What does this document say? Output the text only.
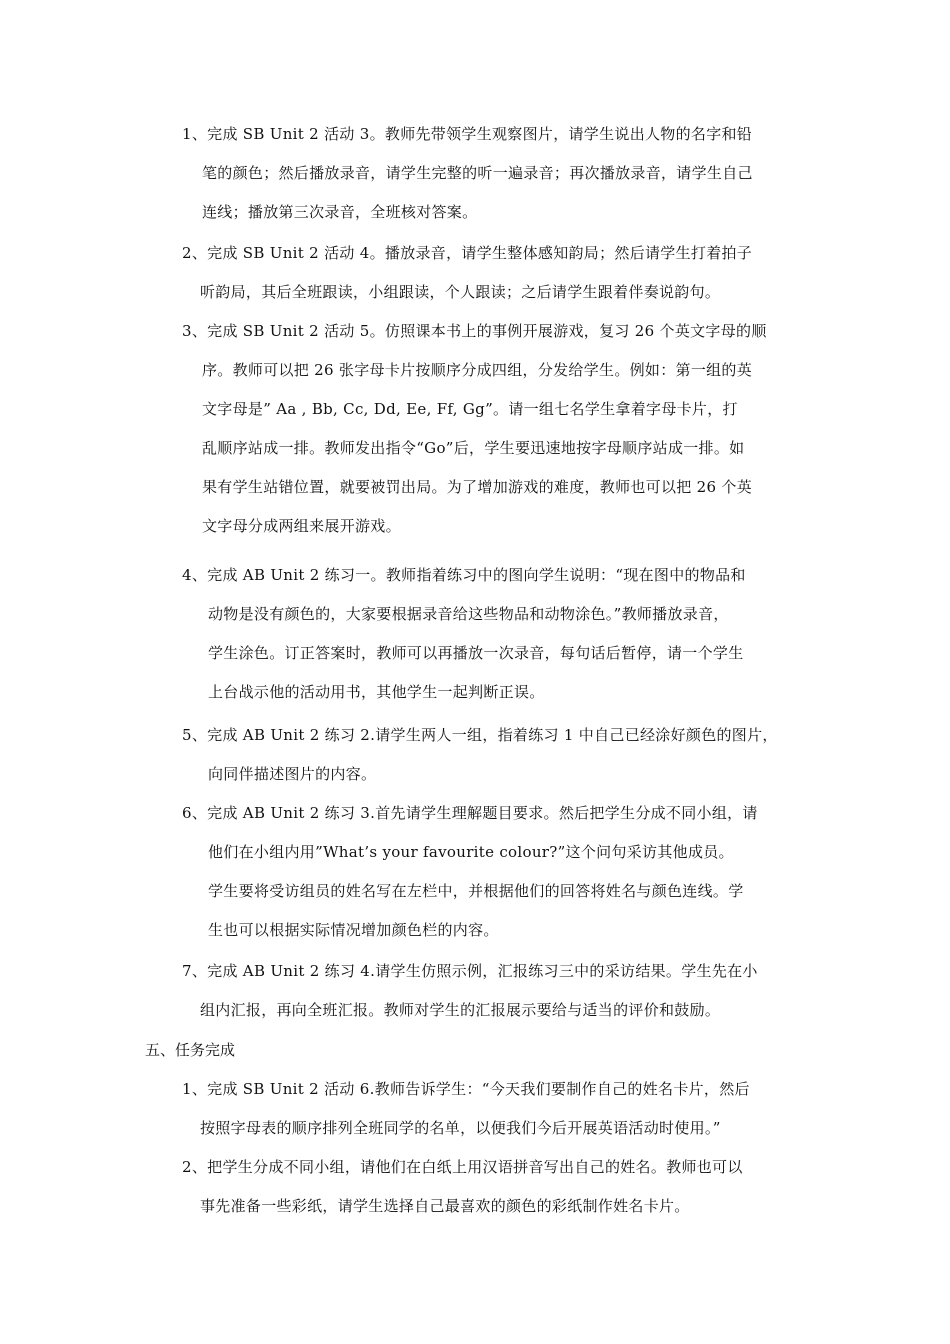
1、完成 SB Unit 2 活动 3。教师先带领学生观察图片，请学生说出人物的名字和铅
笔的颜色；然后播放录音，请学生完整的听一遍录音；再次播放录音，请学生自己
连线；播放第三次录音，全班核对答案。
2、完成 SB Unit 2 活动 4。播放录音，请学生整体感知韵局；然后请学生打着拍子
听韵局，其后全班跟读，小组跟读，个人跟读；之后请学生跟着伴奏说韵句。
3、完成 SB Unit 2 活动 5。仿照课本书上的事例开展游戏，复习 26 个英文字母的顺
序。教师可以把 26 张字母卡片按顺序分成四组，分发给学生。例如：第一组的英
文字母是” Aa , Bb, Cc, Dd, Ee, Ff, Gg”。请一组七名学生拿着字母卡片，打
乱顺序站成一排。教师发出指令“Go”后，学生要迅速地按字母顺序站成一排。如
果有学生站错位置，就要被罚出局。为了增加游戏的难度，教师也可以把 26 个英
文字母分成两组来展开游戏。
4、完成 AB Unit 2 练习一。教师指着练习中的图向学生说明：“现在图中的物品和
动物是没有颜色的，大家要根据录音给这些物品和动物涂色。”教师播放录音，
学生涂色。订正答案时，教师可以再播放一次录音，每句话后暂停，请一个学生
上台战示他的活动用书，其他学生一起判断正误。
5、完成 AB Unit 2 练习 2.请学生两人一组，指着练习 1 中自己已经涂好颜色的图片，
向同伴描述图片的内容。
6、完成 AB Unit 2 练习 3.首先请学生理解题目要求。然后把学生分成不同小组，请
他们在小组内用”What’s your favourite colour?”这个问句采访其他成员。
学生要将受访组员的姓名写在左栏中，并根据他们的回答将姓名与颜色连线。学
生也可以根据实际情况增加颜色栏的内容。
7、完成 AB Unit 2 练习 4.请学生仿照示例，汇报练习三中的采访结果。学生先在小
组内汇报，再向全班汇报。教师对学生的汇报展示要给与适当的评价和鼓励。
五、任务完成
1、完成 SB Unit 2 活动 6.教师告诉学生：“今天我们要制作自己的姓名卡片，然后
按照字母表的顺序排列全班同学的名单，以便我们今后开展英语活动时使用。”
2、把学生分成不同小组，请他们在白纸上用汉语拼音写出自己的姓名。教师也可以
事先准备一些彩纸，请学生选择自己最喜欢的颜色的彩纸制作姓名卡片。
